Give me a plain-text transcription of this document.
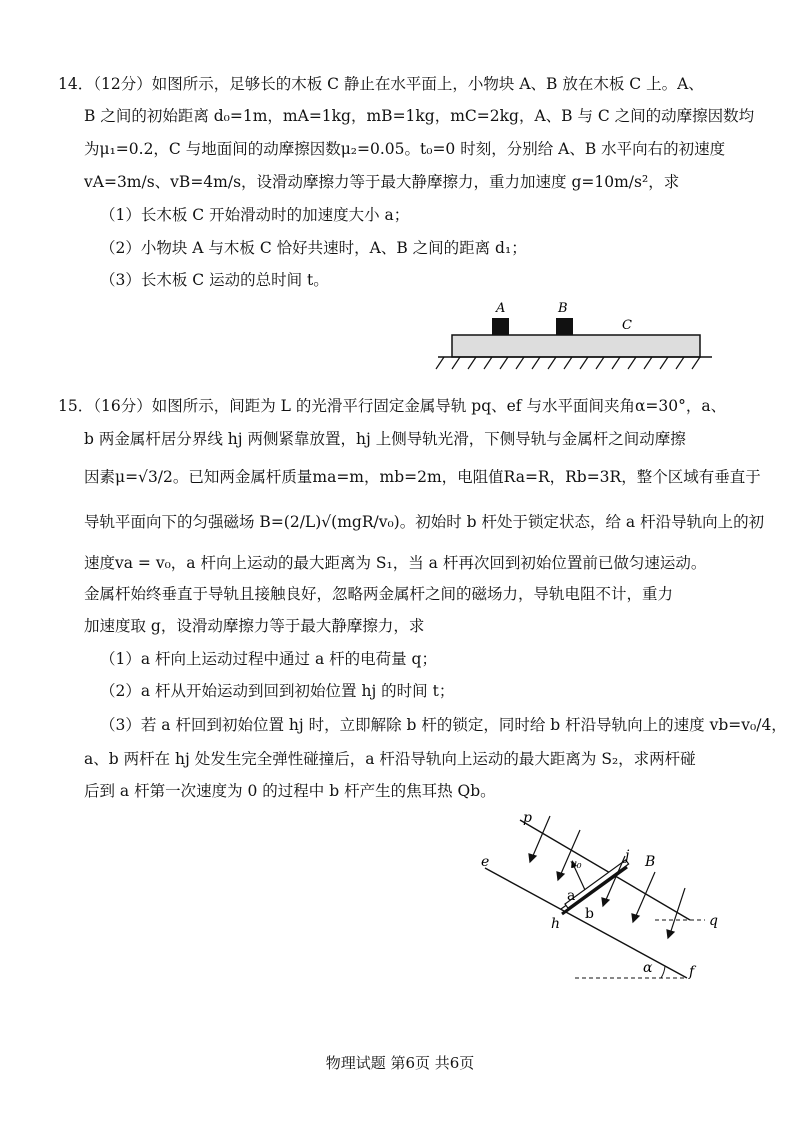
14．（12分）如图所示，足够长的木板 C 静止在水平面上，小物块 A、B 放在木板 C 上。A、
B 之间的初始距离 d₀=1m，mA=1kg，mB=1kg，mC=2kg，A、B 与 C 之间的动摩擦因数均
为μ₁=0.2，C 与地面间的动摩擦因数μ₂=0.05。t₀=0 时刻，分别给 A、B 水平向右的初速度
vA=3m/s、vB=4m/s，设滑动摩擦力等于最大静摩擦力，重力加速度 g=10m/s²，求
（1）长木板 C 开始滑动时的加速度大小 a；
（2）小物块 A 与木板 C 恰好共速时，A、B 之间的距离 d₁；
（3）长木板 C 运动的总时间 t。
A	B
C
15．（16分）如图所示，间距为 L 的光滑平行固定金属导轨 pq、ef 与水平面间夹角α=30°，a、
b 两金属杆居分界线 hj 两侧紧靠放置，hj 上侧导轨光滑，下侧导轨与金属杆之间动摩擦
因素μ=√3/2。已知两金属杆质量ma=m，mb=2m，电阻值Ra=R，Rb=3R，整个区域有垂直于
导轨平面向下的匀强磁场 B=(2/L)√(mgR/v₀)。初始时 b 杆处于锁定状态，给 a 杆沿导轨向上的初
速度va = v₀，a 杆向上运动的最大距离为 S₁，当 a 杆再次回到初始位置前已做匀速运动。
金属杆始终垂直于导轨且接触良好，忽略两金属杆之间的磁场力，导轨电阻不计，重力
加速度取 g，设滑动摩擦力等于最大静摩擦力，求
（1）a 杆向上运动过程中通过 a 杆的电荷量 q；
（2）a 杆从开始运动到回到初始位置 hj 的时间 t；
（3）若 a 杆回到初始位置 hj 时，立即解除 b 杆的锁定，同时给 b 杆沿导轨向上的速度 vb=v₀/4，
a、b 两杆在 hj 处发生完全弹性碰撞后，a 杆沿导轨向上运动的最大距离为 S₂，求两杆碰
后到 a 杆第一次速度为 0 的过程中 b 杆产生的焦耳热 Qb。
p
e	v₀	j B
a
b
h	q
α	f
物理试题 第6页 共6页
